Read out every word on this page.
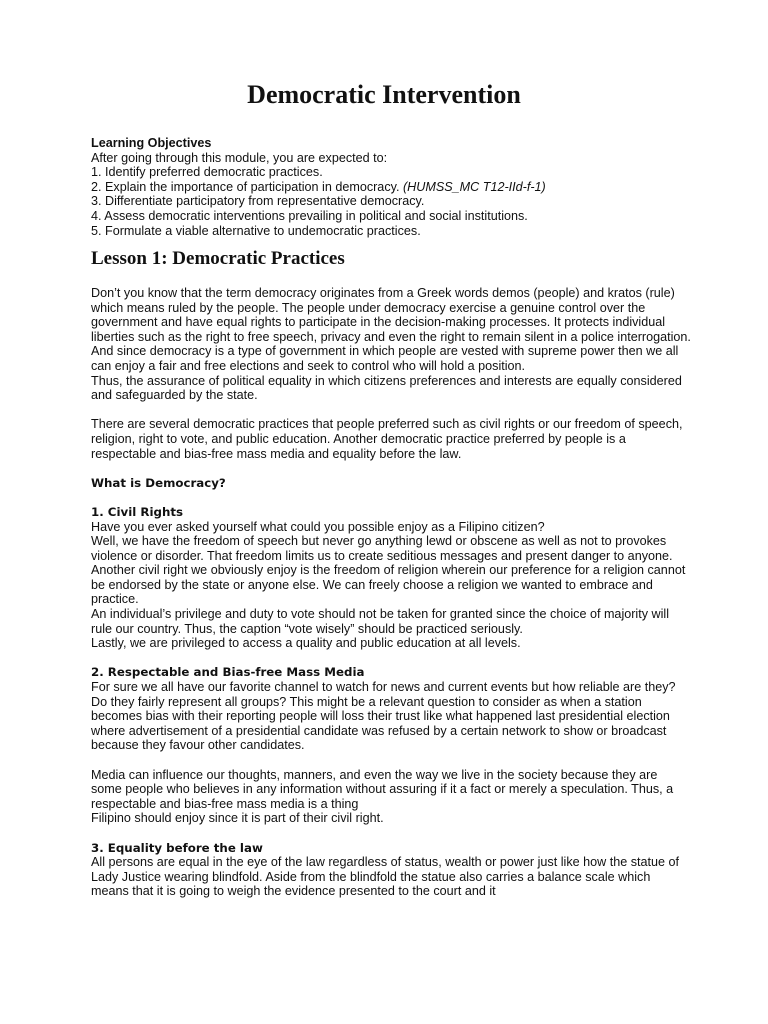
Democratic Intervention

Learning Objectives

After going through this module, you are expected to:

1. Identify preferred democratic practices.

2. Explain the importance of participation in democracy. (HUMSS_MC T12-IId-f-1)

3. Differentiate participatory from representative democracy.

4. Assess democratic interventions prevailing in political and social institutions.

5. Formulate a viable alternative to undemocratic practices.

Lesson 1: Democratic Practices

Don’t you know that the term democracy originates from a Greek words demos (people) and kratos (rule) which means ruled by the people. The people under democracy exercise a genuine control over the government and have equal rights to participate in the decision-making processes. It protects individual liberties such as the right to free speech, privacy and even the right to remain silent in a police interrogation. And since democracy is a type of government in which people are vested with supreme power then we all can enjoy a fair and free elections and seek to control who will hold a position.

Thus, the assurance of political equality in which citizens preferences and interests are equally considered and safeguarded by the state.

There are several democratic practices that people preferred such as civil rights or our freedom of speech, religion, right to vote, and public education. Another democratic practice preferred by people is a respectable and bias-free mass media and equality before the law.

What is Democracy?

1. Civil Rights

Have you ever asked yourself what could you possible enjoy as a Filipino citizen?

Well, we have the freedom of speech but never go anything lewd or obscene as well as not to provokes violence or disorder. That freedom limits us to create seditious messages and present danger to anyone.

Another civil right we obviously enjoy is the freedom of religion wherein our preference for a religion cannot be endorsed by the state or anyone else. We can freely choose a religion we wanted to embrace and practice.

An individual’s privilege and duty to vote should not be taken for granted since the choice of majority will rule our country. Thus, the caption “vote wisely” should be practiced seriously.

Lastly, we are privileged to access a quality and public education at all levels.

2. Respectable and Bias-free Mass Media

For sure we all have our favorite channel to watch for news and current events but how reliable are they? Do they fairly represent all groups? This might be a relevant question to consider as when a station becomes bias with their reporting people will loss their trust like what happened last presidential election where advertisement of a presidential candidate was refused by a certain network to show or broadcast because they favour other candidates.

Media can influence our thoughts, manners, and even the way we live in the society because they are some people who believes in any information without assuring if it a fact or merely a speculation. Thus, a respectable and bias-free mass media is a thing

Filipino should enjoy since it is part of their civil right.

3. Equality before the law

All persons are equal in the eye of the law regardless of status, wealth or power just like how the statue of Lady Justice wearing blindfold. Aside from the blindfold the statue also carries a balance scale which means that it is going to weigh the evidence presented to the court and it
